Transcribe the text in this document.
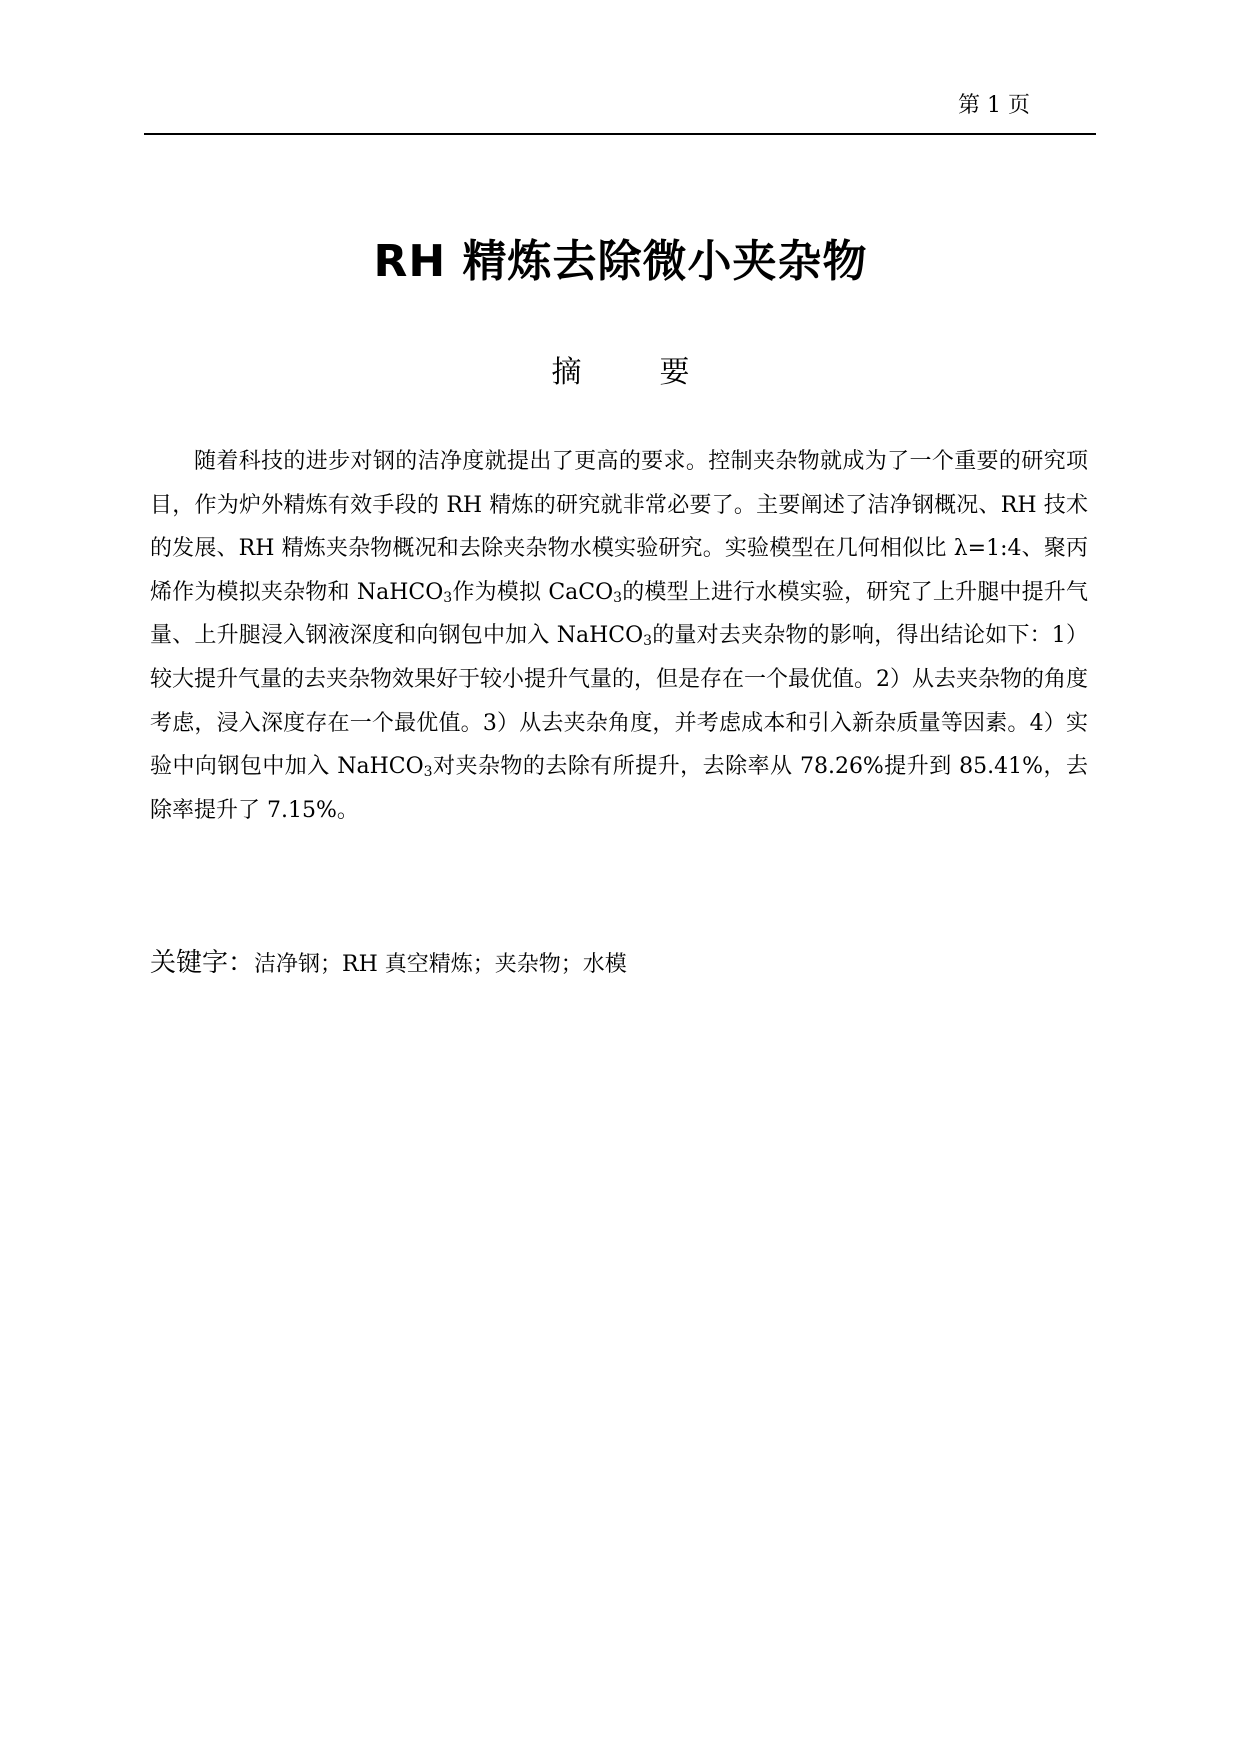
第 1 页
RH 精炼去除微小夹杂物
摘	要
随着科技的进步对钢的洁净度就提出了更高的要求。控制夹杂物就成为了一个重要的研究项目，作为炉外精炼有效手段的 RH 精炼的研究就非常必要了。主要阐述了洁净钢概况、RH 技术的发展、RH 精炼夹杂物概况和去除夹杂物水模实验研究。实验模型在几何相似比 λ=1:4、聚丙烯作为模拟夹杂物和 NaHCO$_3$作为模拟 CaCO$_3$的模型上进行水模实验，研究了上升腿中提升气量、上升腿浸入钢液深度和向钢包中加入 NaHCO$_3$的量对去夹杂物的影响，得出结论如下：1）较大提升气量的去夹杂物效果好于较小提升气量的，但是存在一个最优值。2）从去夹杂物的角度考虑，浸入深度存在一个最优值。3）从去夹杂角度，并考虑成本和引入新杂质量等因素。4）实验中向钢包中加入 NaHCO$_3$对夹杂物的去除有所提升，去除率从 78.26%提升到 85.41%，去除率提升了 7.15%。
关键字：洁净钢；RH 真空精炼；夹杂物；水模
